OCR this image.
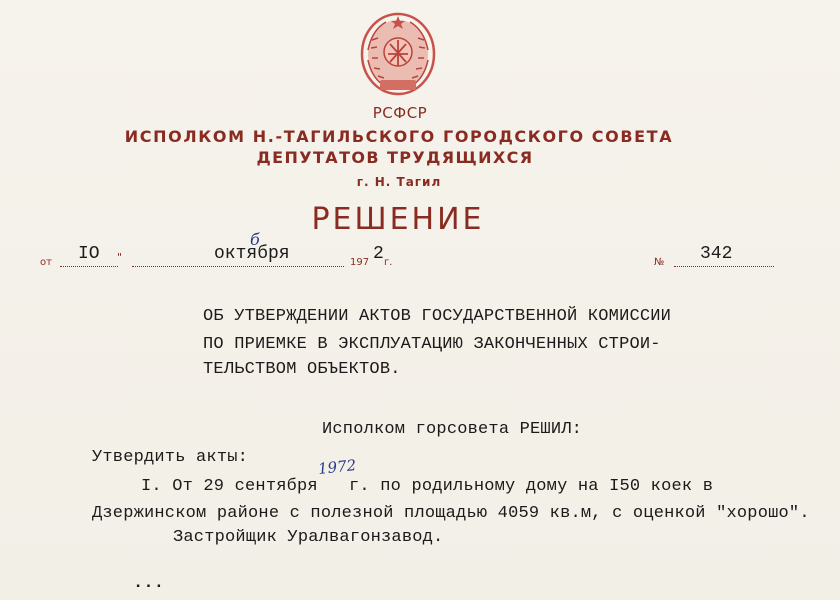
РСФСР
ИСПОЛКОМ Н.-ТАГИЛЬСКОГО ГОРОДСКОГО СОВЕТА
ДЕПУТАТОВ ТРУДЯЩИХСЯ
г. Н. Тагил
РЕШЕНИЕ
от IO "	октября
б
197 2 г.	№ 342
ОБ УТВЕРЖДЕНИИ АКТОВ ГОСУДАРСТВЕННОЙ КОМИССИИ
ПО ПРИЕМКЕ В ЭКСПЛУАТАЦИЮ ЗАКОНЧЕННЫХ СТРОИ-
ТЕЛЬСТВОМ ОБЪЕКТОВ.
Исполком горсовета РЕШИЛ:
Утвердить акты:
I. От 29 сентября   г. по родильному дому на I50 коек в
1972
Дзержинском районе с полезной площадью 4059 кв.м, с оценкой "хорошо".
Застройщик Уралвагонзавод.
...
